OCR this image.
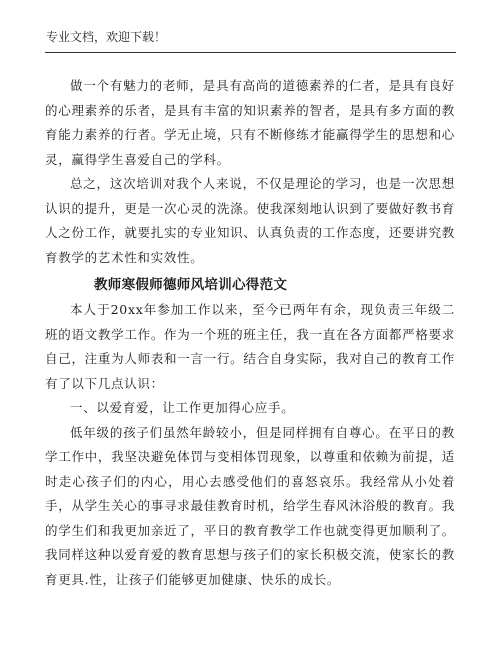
专业文档，欢迎下载！

做一个有魅力的老师，是具有高尚的道德素养的仁者，是具有良好的心理素养的乐者，是具有丰富的知识素养的智者，是具有多方面的教育能力素养的行者。学无止境，只有不断修练才能赢得学生的思想和心灵，赢得学生喜爱自己的学科。

总之，这次培训对我个人来说，不仅是理论的学习，也是一次思想认识的提升，更是一次心灵的洗涤。使我深刻地认识到了要做好教书育人之份工作，就要扎实的专业知识、认真负责的工作态度，还要讲究教育教学的艺术性和实效性。

教师寒假师德师风培训心得范文

本人于20xx年参加工作以来，至今已两年有余，现负责三年级二班的语文教学工作。作为一个班的班主任，我一直在各方面都严格要求自己，注重为人师表和一言一行。结合自身实际，我对自己的教育工作有了以下几点认识：

一、以爱育爱，让工作更加得心应手。

低年级的孩子们虽然年龄较小，但是同样拥有自尊心。在平日的教学工作中，我坚决避免体罚与变相体罚现象，以尊重和依赖为前提，适时走心孩子们的内心，用心去感受他们的喜怒哀乐。我经常从小处着手，从学生关心的事寻求最佳教育时机，给学生春风沐浴般的教育。我的学生们和我更加亲近了，平日的教育教学工作也就变得更加顺利了。我同样这种以爱育爱的教育思想与孩子们的家长积极交流，使家长的教育更具.性，让孩子们能够更加健康、快乐的成长。
